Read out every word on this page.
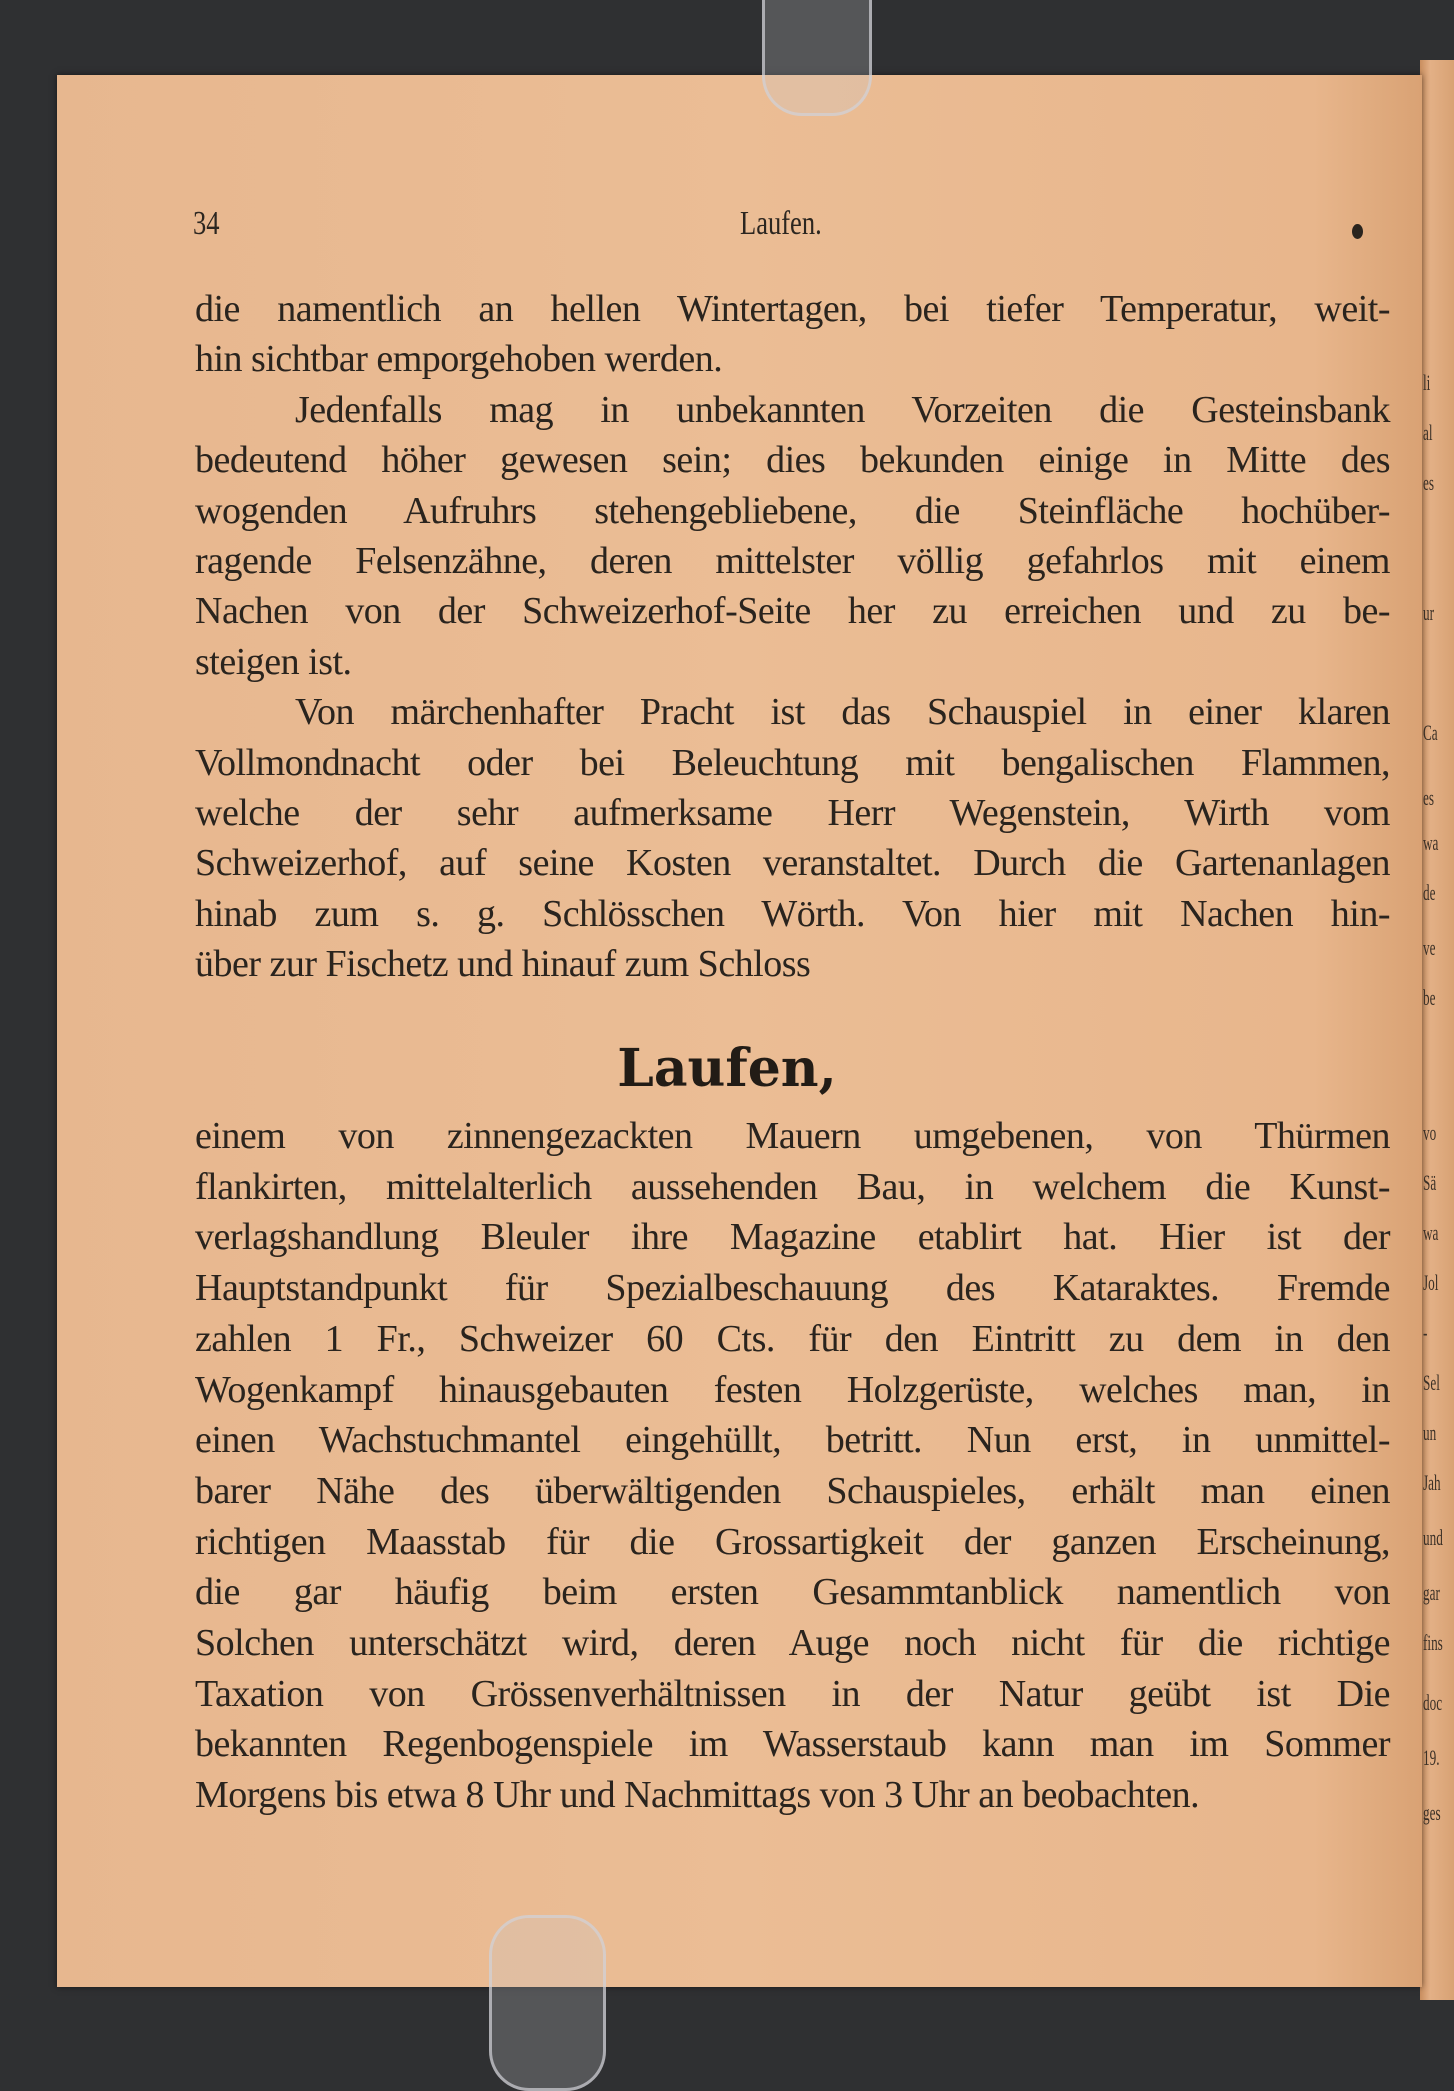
34	Laufen.
die namentlich an hellen Wintertagen, bei tiefer Temperatur, weit-
hin sichtbar emporgehoben werden.
Jedenfalls mag in unbekannten Vorzeiten die Gesteinsbank
bedeutend höher gewesen sein; dies bekunden einige in Mitte des
wogenden Aufruhrs stehengebliebene, die Steinfläche hochüber-
ragende Felsenzähne, deren mittelster völlig gefahrlos mit einem
Nachen von der Schweizerhof-Seite her zu erreichen und zu be-
steigen ist.
Von märchenhafter Pracht ist das Schauspiel in einer klaren
Vollmondnacht oder bei Beleuchtung mit bengalischen Flammen,
welche der sehr aufmerksame Herr Wegenstein, Wirth vom
Schweizerhof, auf seine Kosten veranstaltet. Durch die Gartenanlagen
hinab zum s. g. Schlösschen Wörth. Von hier mit Nachen hin-
über zur Fischetz und hinauf zum Schloss
Laufen,
einem von zinnengezackten Mauern umgebenen, von Thürmen
flankirten, mittelalterlich aussehenden Bau, in welchem die Kunst-
verlagshandlung Bleuler ihre Magazine etablirt hat. Hier ist der
Hauptstandpunkt für Spezialbeschauung des Kataraktes. Fremde
zahlen 1 Fr., Schweizer 60 Cts. für den Eintritt zu dem in den
Wogenkampf hinausgebauten festen Holzgerüste, welches man, in
einen Wachstuchmantel eingehüllt, betritt. Nun erst, in unmittel-
barer Nähe des überwältigenden Schauspieles, erhält man einen
richtigen Maasstab für die Grossartigkeit der ganzen Erscheinung,
die gar häufig beim ersten Gesammtanblick namentlich von
Solchen unterschätzt wird, deren Auge noch nicht für die richtige
Taxation von Grössenverhältnissen in der Natur geübt ist Die
bekannten Regenbogenspiele im Wasserstaub kann man im Sommer
Morgens bis etwa 8 Uhr und Nachmittags von 3 Uhr an beobachten.
li
al
es
ur
Ca
es
wa
de
ve
be
vo
Sä
wa
Jol
-
Sel
un
Jah
und
gar
fins
doc
19.
ges
